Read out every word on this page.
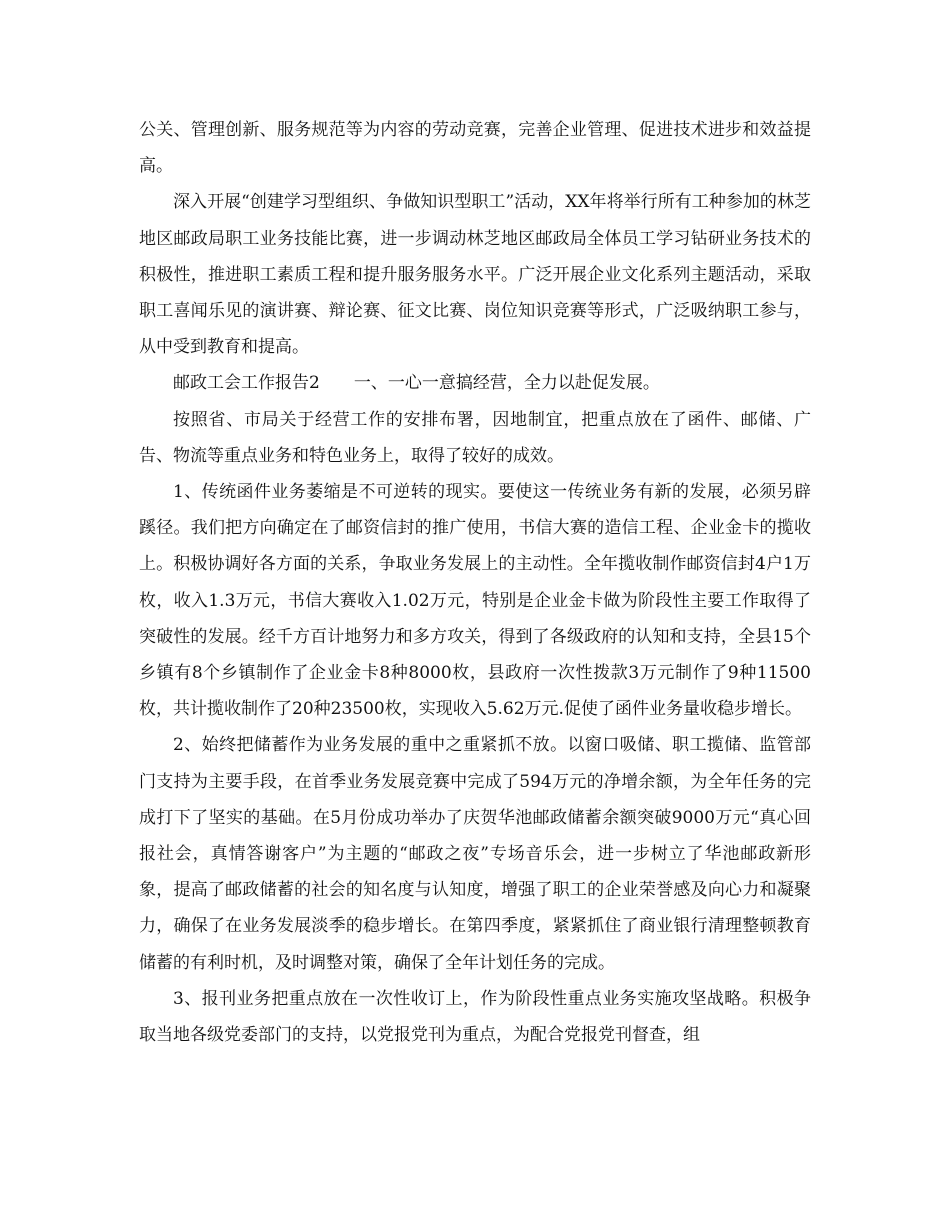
公关、管理创新、服务规范等为内容的劳动竞赛，完善企业管理、促进技术进步和效益提高。

深入开展“创建学习型组织、争做知识型职工”活动，XX年将举行所有工种参加的林芝地区邮政局职工业务技能比赛，进一步调动林芝地区邮政局全体员工学习钻研业务技术的积极性，推进职工素质工程和提升服务服务水平。广泛开展企业文化系列主题活动，采取职工喜闻乐见的演讲赛、辩论赛、征文比赛、岗位知识竞赛等形式，广泛吸纳职工参与，从中受到教育和提高。

邮政工会工作报告2 一、一心一意搞经营，全力以赴促发展。

按照省、市局关于经营工作的安排布署，因地制宜，把重点放在了函件、邮储、广告、物流等重点业务和特色业务上，取得了较好的成效。

1、传统函件业务萎缩是不可逆转的现实。要使这一传统业务有新的发展，必须另辟蹊径。我们把方向确定在了邮资信封的推广使用，书信大赛的造信工程、企业金卡的揽收上。积极协调好各方面的关系，争取业务发展上的主动性。全年揽收制作邮资信封4户1万枚，收入1.3万元，书信大赛收入1.02万元，特别是企业金卡做为阶段性主要工作取得了突破性的发展。经千方百计地努力和多方攻关，得到了各级政府的认知和支持，全县15个乡镇有8个乡镇制作了企业金卡8种8000枚，县政府一次性拨款3万元制作了9种11500枚，共计揽收制作了20种23500枚，实现收入5.62万元.促使了函件业务量收稳步增长。

2、始终把储蓄作为业务发展的重中之重紧抓不放。以窗口吸储、职工揽储、监管部门支持为主要手段，在首季业务发展竞赛中完成了594万元的净增余额，为全年任务的完成打下了坚实的基础。在5月份成功举办了庆贺华池邮政储蓄余额突破9000万元“真心回报社会，真情答谢客户”为主题的“邮政之夜”专场音乐会，进一步树立了华池邮政新形象，提高了邮政储蓄的社会的知名度与认知度，增强了职工的企业荣誉感及向心力和凝聚力，确保了在业务发展淡季的稳步增长。在第四季度，紧紧抓住了商业银行清理整顿教育储蓄的有利时机，及时调整对策，确保了全年计划任务的完成。

3、报刊业务把重点放在一次性收订上，作为阶段性重点业务实施攻坚战略。积极争取当地各级党委部门的支持，以党报党刊为重点，为配合党报党刊督查，组
